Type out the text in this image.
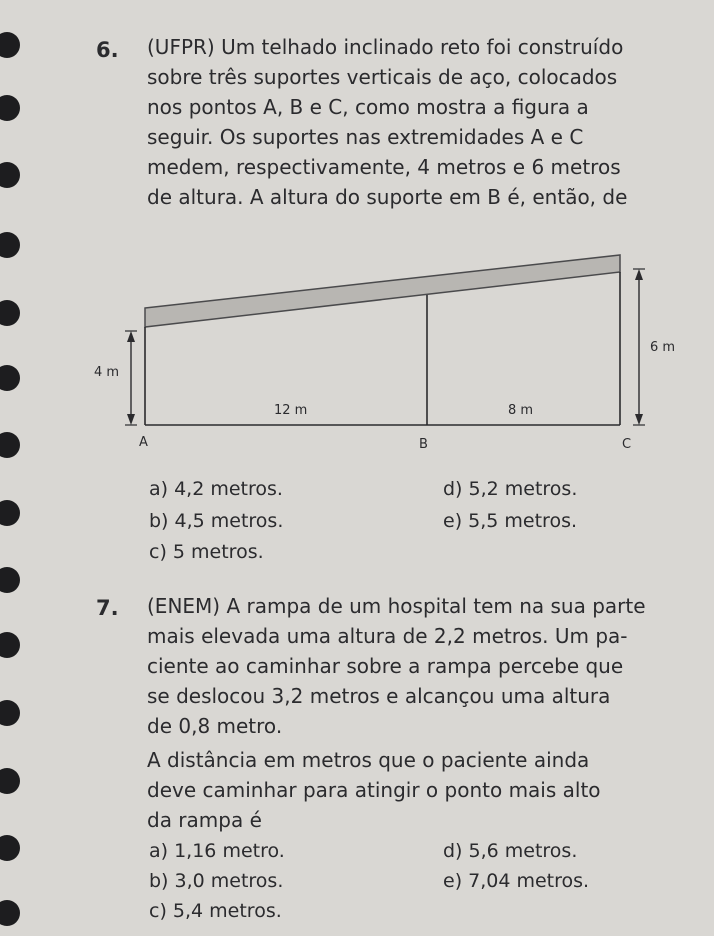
6. (UFPR) Um telhado inclinado reto foi construído
sobre três suportes verticais de aço, colocados
nos pontos A, B e C, como mostra a figura a
seguir. Os suportes nas extremidades A e C
medem, respectivamente, 4 metros e 6 metros
de altura. A altura do suporte em B é, então, de
4 m
6 m
12 m	8 m
A	B	C
a) 4,2 metros.
b) 4,5 metros.
c) 5 metros.
d) 5,2 metros.
e) 5,5 metros.
7. (ENEM) A rampa de um hospital tem na sua parte
mais elevada uma altura de 2,2 metros. Um pa-
ciente ao caminhar sobre a rampa percebe que
se deslocou 3,2 metros e alcançou uma altura
de 0,8 metro.
A distância em metros que o paciente ainda
deve caminhar para atingir o ponto mais alto
da rampa é
a) 1,16 metro.
b) 3,0 metros.
c) 5,4 metros.
d) 5,6 metros.
e) 7,04 metros.
